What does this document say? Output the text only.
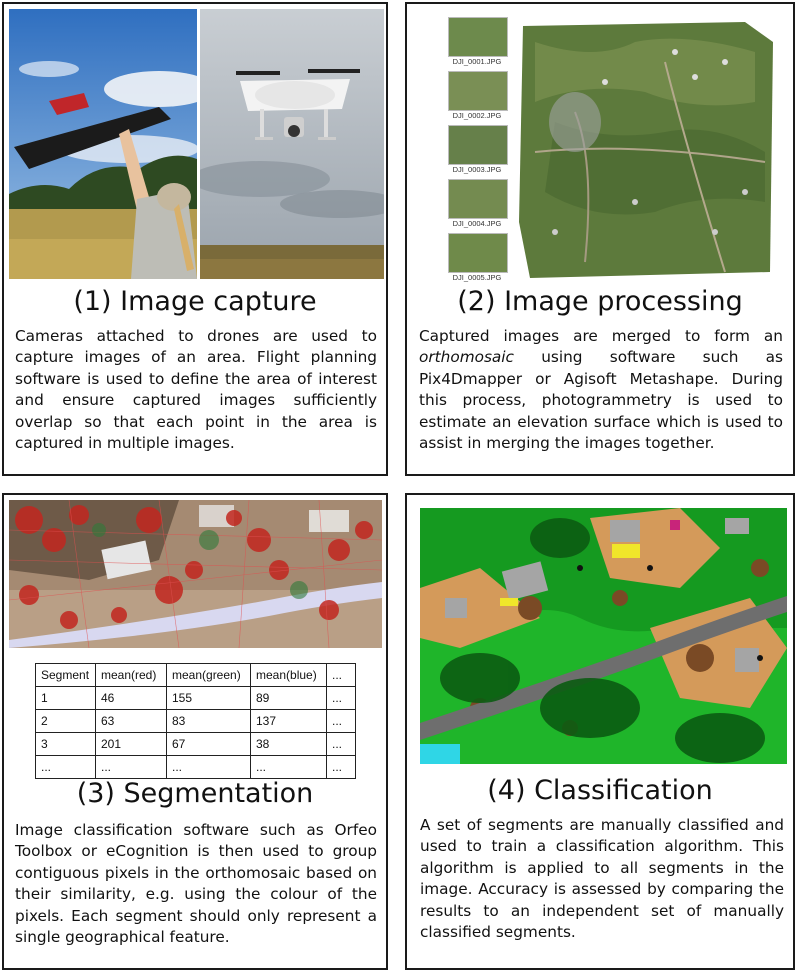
(1) Image capture
Cameras attached to drones are used to capture images of an area. Flight planning software is used to define the area of interest and ensure captured images sufficiently overlap so that each point in the area is captured in multiple images.
DJI_0001.JPG
DJI_0002.JPG
DJI_0003.JPG
DJI_0004.JPG
DJI_0005.JPG
(2) Image processing
Captured images are merged to form an orthomosaic using software such as Pix4Dmapper or Agisoft Metashape. During this process, photogrammetry is used to estimate an elevation surface which is used to assist in merging the images together.
Segment	mean(red)	mean(green)	mean(blue)	...
1	46	155	89	...
2	63	83	137	...
3	201	67	38	...
...	...	...	...	...
(3) Segmentation
Image classification software such as Orfeo Toolbox or eCognition is then used to group contiguous pixels in the orthomosaic based on their similarity, e.g. using the colour of the pixels. Each segment should only represent a single geographical feature.
(4) Classification
A set of segments are manually classified and used to train a classification algorithm. This algorithm is applied to all segments in the image. Accuracy is assessed by comparing the results to an independent set of manually classified segments.
